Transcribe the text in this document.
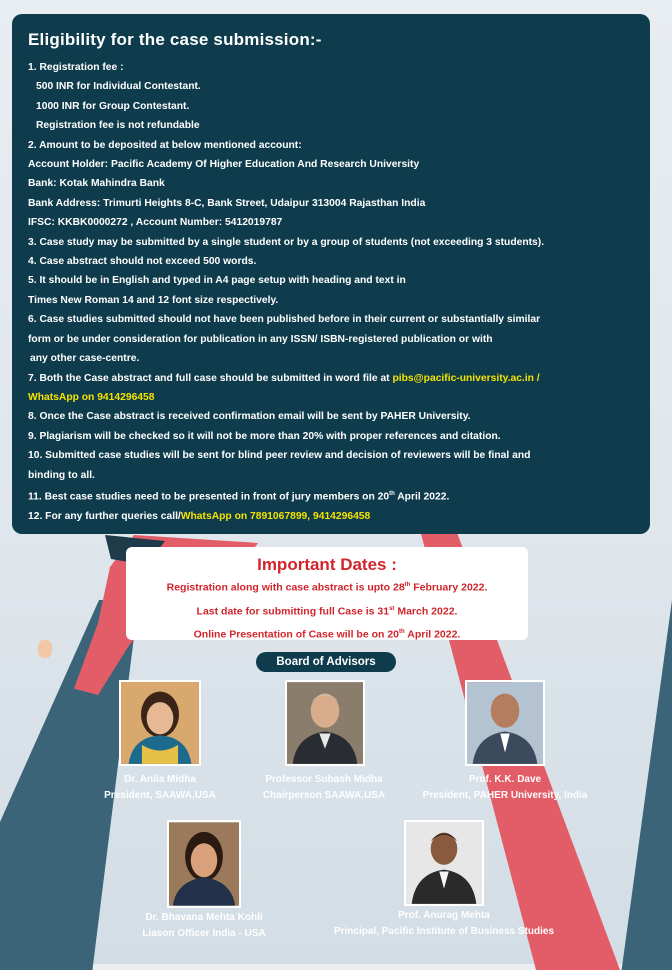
Eligibility for the case submission:-
1. Registration fee :
500 INR for Individual Contestant.
1000 INR for Group Contestant.
Registration fee is not refundable
2. Amount to be deposited at below mentioned account:
Account Holder: Pacific Academy Of Higher Education And Research University
Bank: Kotak Mahindra Bank
Bank Address: Trimurti Heights 8-C, Bank Street, Udaipur 313004 Rajasthan India
IFSC: KKBK0000272 , Account Number: 5412019787
3. Case study may be submitted by a single student or by a group of students (not exceeding 3 students).
4. Case abstract should not exceed 500 words.
5. It should be in English and typed in A4 page setup with heading and text in
Times New Roman 14 and 12 font size respectively.
6. Case studies submitted should not have been published before in their current or substantially similar
form or be under consideration for publication in any ISSN/ ISBN-registered publication or with
any other case-centre.
7. Both the Case abstract and full case should be submitted in word file at pibs@pacific-university.ac.in /
WhatsApp on 9414296458
8. Once the Case abstract is received confirmation email will be sent by PAHER University.
9. Plagiarism will be checked so it will not be more than 20% with proper references and citation.
10. Submitted case studies will be sent for blind peer review and decision of reviewers will be final and
binding to all.
11. Best case studies need to be presented in front of jury members on 20th April 2022.
12. For any further queries call/WhatsApp on 7891067899, 9414296458
Important Dates :
Registration along with case abstract is upto 28th February 2022.
Last date for submitting full Case is 31st March 2022.
Online Presentation of Case will be on 20th April 2022.
Board of Advisors
Dr. Anila Midha
President, SAAWA,USA
Professor Subash Midha
Chairperson SAAWA,USA
Prof. K.K. Dave
President, PAHER University, India
Dr. Bhavana Mehta Kohli
Liason Officer India - USA
Prof. Anurag Mehta
Principal, Pacific Institute of Business Studies
